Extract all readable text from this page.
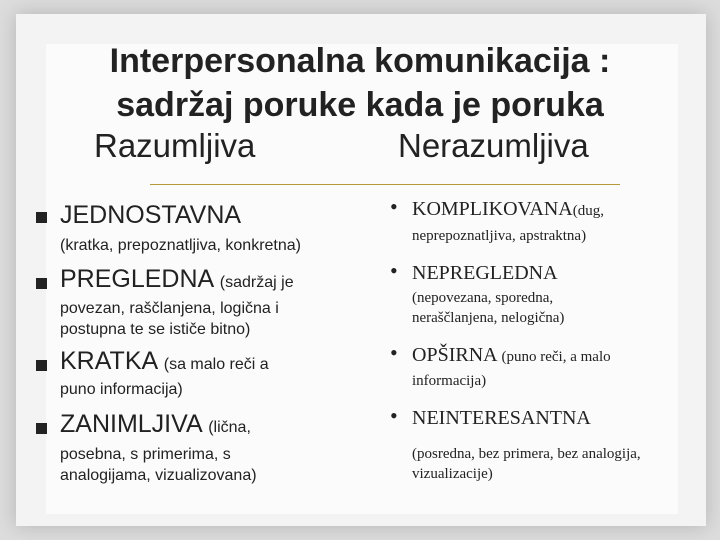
Interpersonalna komunikacija :
sadržaj poruke kada je poruka
Razumljiva	Nerazumljiva
JEDNOSTAVNA
(kratka, prepoznatljiva, konkretna)
PREGLEDNA (sadržaj je
povezan, raščlanjena, logična i
postupna te se ističe bitno)
KRATKA (sa malo reči a
puno informacija)
ZANIMLJIVA (lična,
posebna, s primerima, s
analogijama, vizualizovana)
• KOMPLIKOVANA(dug,
neprepoznatljiva, apstraktna)
• NEPREGLEDNA
(nepovezana, sporedna,
neraščlanjena, nelogična)
• OPŠIRNA (puno reči, a malo
informacija)
• NEINTERESANTNA
(posredna, bez primera, bez analogija,
vizualizacije)
